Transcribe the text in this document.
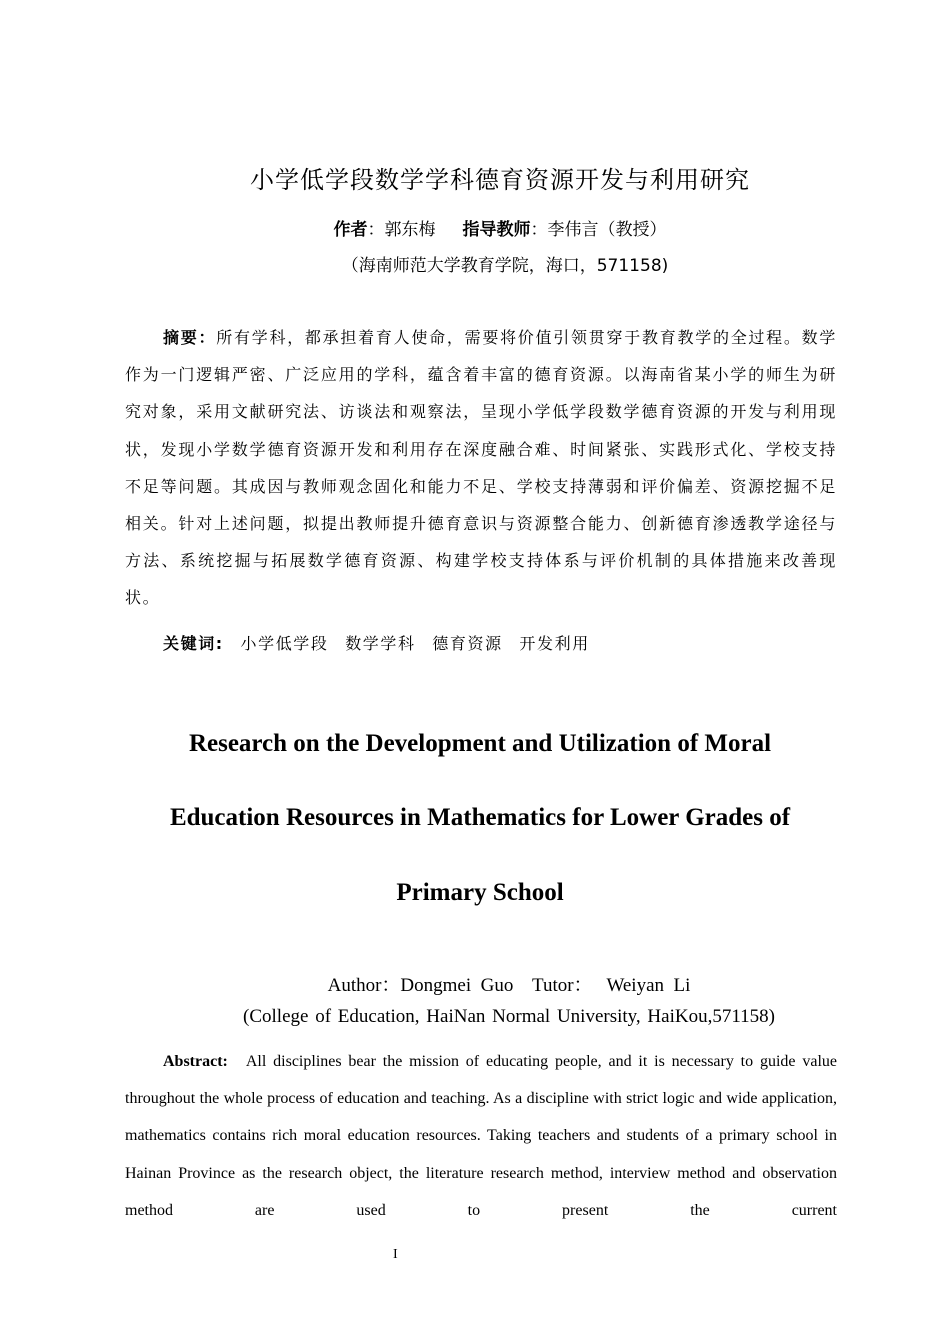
小学低学段数学学科德育资源开发与利用研究
作者：郭东梅 指导教师：李伟言（教授）
（海南师范大学教育学院，海口，571158)
摘要：所有学科，都承担着育人使命，需要将价值引领贯穿于教育教学的全过程。数学作为一门逻辑严密、广泛应用的学科，蕴含着丰富的德育资源。以海南省某小学的师生为研究对象，采用文献研究法、访谈法和观察法，呈现小学低学段数学德育资源的开发与利用现状，发现小学数学德育资源开发和利用存在深度融合难、时间紧张、实践形式化、学校支持不足等问题。其成因与教师观念固化和能力不足、学校支持薄弱和评价偏差、资源挖掘不足相关。针对上述问题，拟提出教师提升德育意识与资源整合能力、创新德育渗透教学途径与方法、系统挖掘与拓展数学德育资源、构建学校支持体系与评价机制的具体措施来改善现状。
关键词: 小学低学段 数学学科 德育资源 开发利用
Research on the Development and Utilization of Moral
Education Resources in Mathematics for Lower Grades of
Primary School
Author：Dongmei  Guo    Tutor：   Weiyan  Li
(College of Education, HaiNan Normal University, HaiKou,571158)
Abstract: All disciplines bear the mission of educating people, and it is necessary to guide value throughout the whole process of education and teaching. As a discipline with strict logic and wide application, mathematics contains rich moral education resources. Taking teachers and students of a primary school in Hainan Province as the research object, the literature research method, interview method and observation method are used to present the current
I
